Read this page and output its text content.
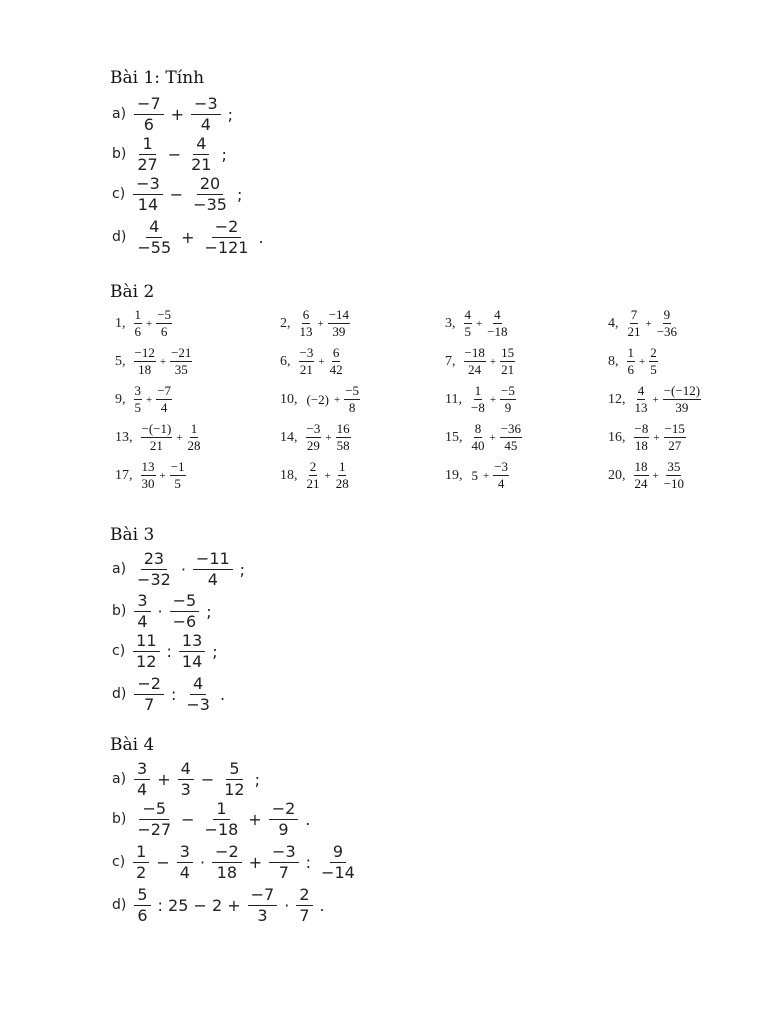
Bài 1: Tính
$a) \frac{-7}{6} + \frac{-3}{4}$ ;
$b) \frac{1}{27} - \frac{4}{21}$ ;
$c) \frac{-3}{14} - \frac{20}{-35}$ ;
$d) \frac{4}{-55} + \frac{-2}{-121}$ .
Bài 2
1, $\frac{1}{6} + \frac{-5}{6}$	2, $\frac{6}{13} + \frac{-14}{39}$	3, $\frac{4}{5} + \frac{4}{-18}$	4, $\frac{7}{21} + \frac{9}{-36}$
5, $\frac{-12}{18} + \frac{-21}{35}$	6, $\frac{-3}{21} + \frac{6}{42}$	7, $\frac{-18}{24} + \frac{15}{21}$	8, $\frac{1}{6} + \frac{2}{5}$
9, $\frac{3}{5} + \frac{-7}{4}$	10, $(-2) + \frac{-5}{8}$	11, $\frac{1}{-8} + \frac{-5}{9}$	12, $\frac{4}{13} + \frac{-(-12)}{39}$
13, $\frac{-(-1)}{21} + \frac{1}{28}$	14, $\frac{-3}{29} + \frac{16}{58}$	15, $\frac{8}{40} + \frac{-36}{45}$	16, $\frac{-8}{18} + \frac{-15}{27}$
17, $\frac{13}{30} + \frac{-1}{5}$	18, $\frac{2}{21} + \frac{1}{28}$	19, $5 + \frac{-3}{4}$	20, $\frac{18}{24} + \frac{35}{-10}$
Bài 3
$a) \frac{23}{-32} \cdot \frac{-11}{4}$ ;
$b) \frac{3}{4} \cdot \frac{-5}{-6}$ ;
$c) \frac{11}{12}$ : $\frac{13}{14}$ ;
$d) \frac{-2}{7}$ : $\frac{4}{-3}$ .
Bài 4
$a) \frac{3}{4} + \frac{4}{3} - \frac{5}{12}$ ;
$b) \frac{-5}{-27} - \frac{1}{-18} + \frac{-2}{9}$ .
$c) \frac{1}{2} - \frac{3}{4} \cdot \frac{-2}{18} + \frac{-3}{7}$ : $\frac{9}{-14}$
$d) \frac{5}{6}$ : $25 - 2 + \frac{-7}{3} \cdot \frac{2}{7}$ .
